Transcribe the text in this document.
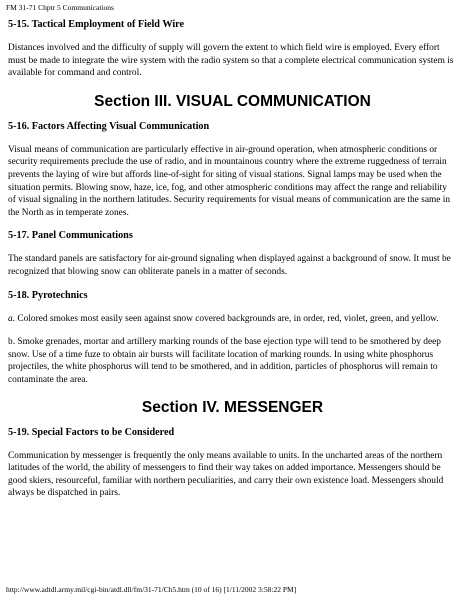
FM 31-71 Chptr 5 Communications
5-15. Tactical Employment of Field Wire

Distances involved and the difficulty of supply will govern the extent to which field wire is employed. Every effort must be made to integrate the wire system with the radio system so that a complete electrical communication system is available for command and control.

Section III. VISUAL COMMUNICATION
5-16. Factors Affecting Visual Communication

Visual means of communication are particularly effective in air-ground operation, when atmospheric conditions or security requirements preclude the use of radio, and in mountainous country where the extreme ruggedness of terrain prevents the laying of wire but affords line-of-sight for siting of visual stations. Signal lamps may be used when the situation permits. Blowing snow, haze, ice, fog, and other atmospheric conditions may affect the range and reliability of visual signaling in the northern latitudes. Security requirements for visual means of communication are the same in the North as in temperate zones.

5-17. Panel Communications

The standard panels are satisfactory for air-ground signaling when displayed against a background of snow. It must be recognized that blowing snow can obliterate panels in a matter of seconds.

5-18. Pyrotechnics

a. Colored smokes most easily seen against snow covered backgrounds are, in order, red, violet, green, and yellow.

b. Smoke grenades, mortar and artillery marking rounds of the base ejection type will tend to be smothered by deep snow. Use of a time fuze to obtain air bursts will facilitate location of marking rounds. In using white phosphorus projectiles, the white phosphorus will tend to be smothered, and in addition, particles of phosphorus will remain to contaminate the area.

Section IV. MESSENGER
5-19. Special Factors to be Considered

Communication by messenger is frequently the only means available to units. In the uncharted areas of the northern latitudes of the world, the ability of messengers to find their way takes on added importance. Messengers should be good skiers, resourceful, familiar with northern peculiarities, and carry their own existence load. Messengers should always be dispatched in pairs.

http://www.adtdl.army.mil/cgi-bin/atdl.dll/fm/31-71/Ch5.htm (10 of 16) [1/11/2002 3:58:22 PM]
